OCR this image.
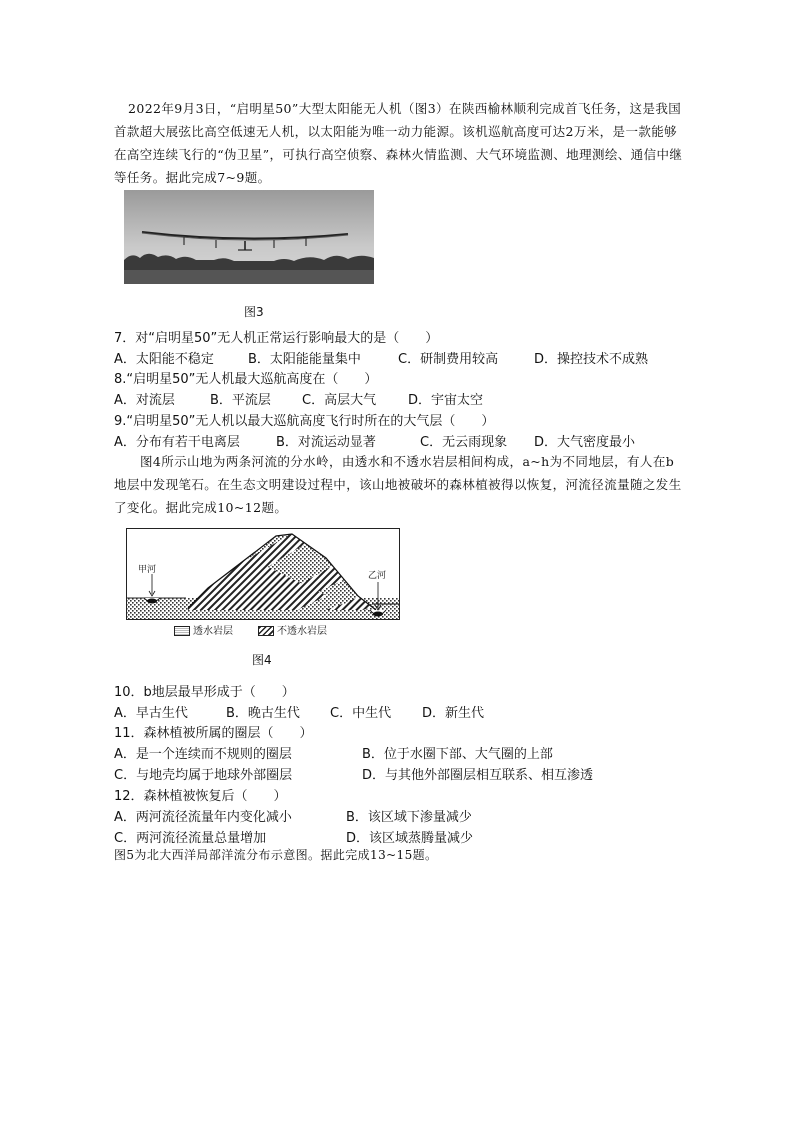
2022年9月3日，“启明星50”大型太阳能无人机（图3）在陕西榆林顺利完成首飞任务，这是我国首款超大展弦比高空低速无人机，以太阳能为唯一动力能源。该机巡航高度可达2万米，是一款能够在高空连续飞行的“伪卫星”，可执行高空侦察、森林火情监测、大气环境监测、地理测绘、通信中继等任务。据此完成7~9题。
图3
7．对“启明星50”无人机正常运行影响最大的是（　　）
A．太阳能不稳定	B．太阳能能量集中	C．研制费用较高	D．操控技术不成熟
8.“启明星50”无人机最大巡航高度在（　　）
A．对流层	B．平流层 C．高层大气 D．宇宙太空
9.“启明星50”无人机以最大巡航高度飞行时所在的大气层（　　）
A．分布有若干电离层	B．对流运动显著	C．无云雨现象 D．大气密度最小
图4所示山地为两条河流的分水岭，由透水和不透水岩层相间构成，a~h为不同地层，有人在b地层中发现笔石。在生态文明建设过程中，该山地被破坏的森林植被得以恢复，河流径流量随之发生了变化。据此完成10~12题。
甲河
乙河
透水岩层	不透水岩层
图4
10．b地层最早形成于（　　）
A．早古生代	B．晚古生代 C．中生代 D．新生代
11．森林植被所属的圈层（　　）
A．是一个连续而不规则的圈层	B．位于水圈下部、大气圈的上部
C．与地壳均属于地球外部圈层	D．与其他外部圈层相互联系、相互渗透
12．森林植被恢复后（　　）
A．两河流径流量年内变化减小	B．该区域下渗量减少
C．两河流径流量总量增加	D．该区域蒸腾量减少
图5为北大西洋局部洋流分布示意图。据此完成13~15题。
